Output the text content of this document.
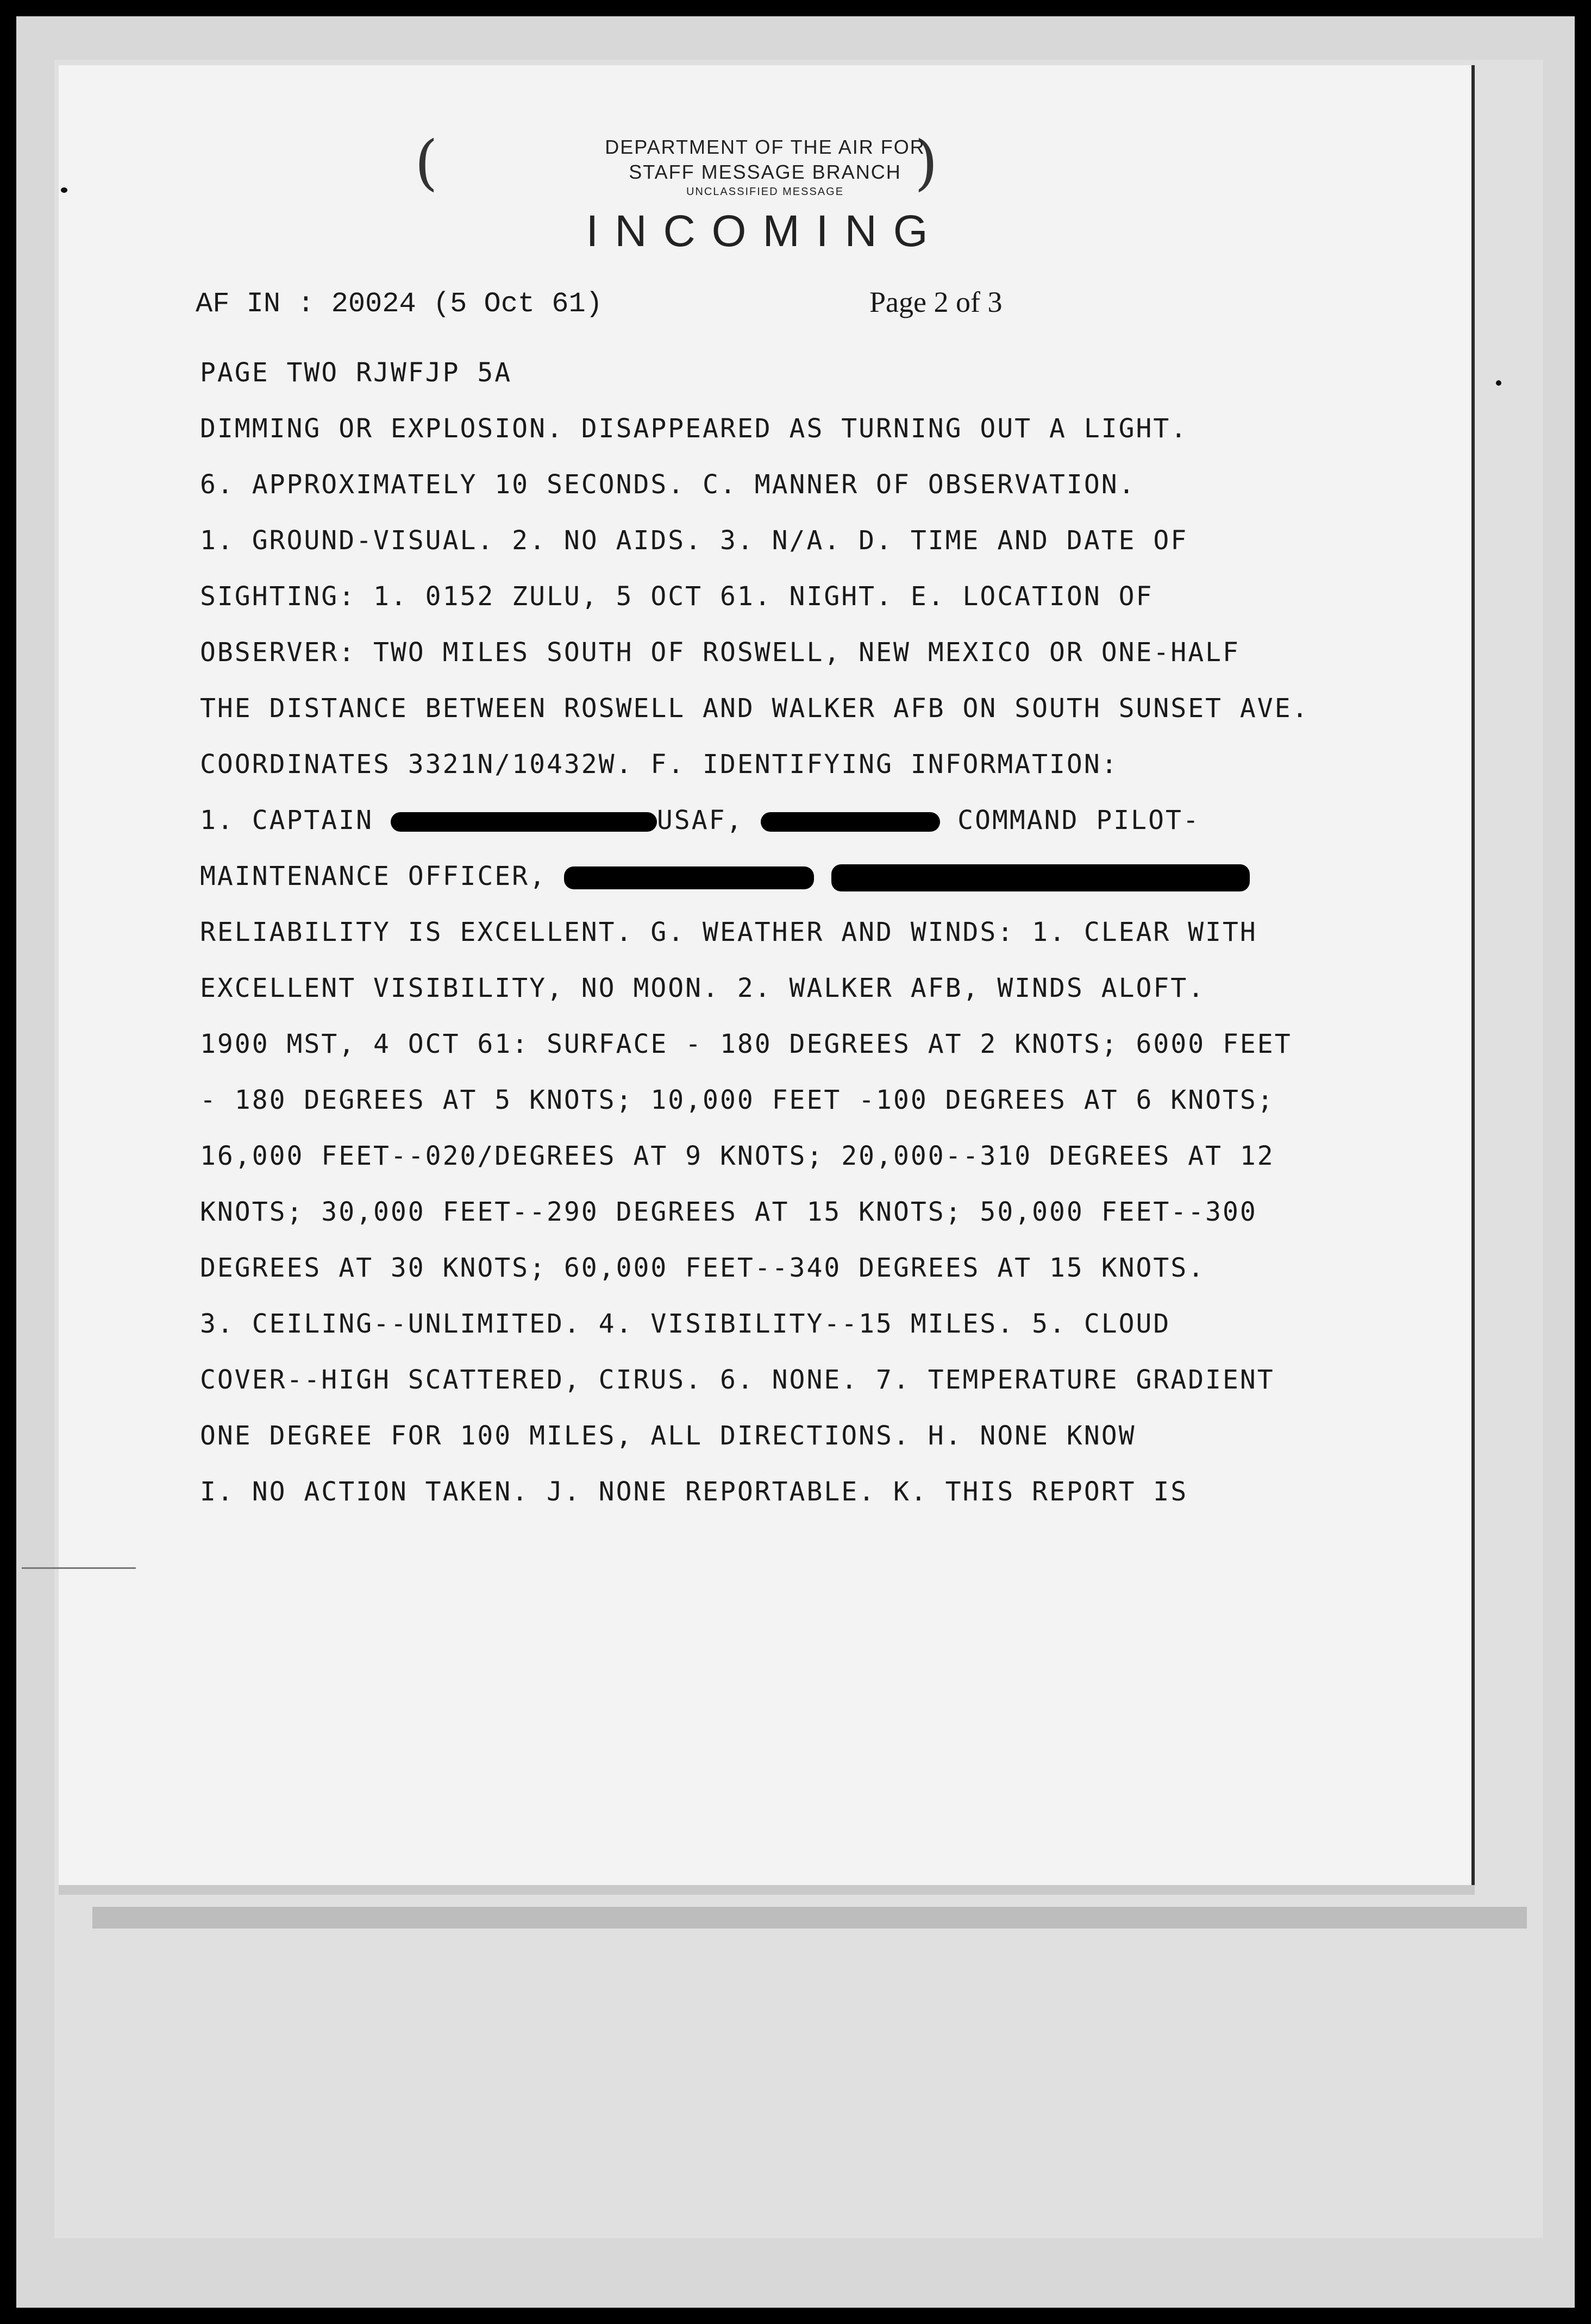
(	)
DEPARTMENT OF THE AIR FOR
STAFF MESSAGE BRANCH
UNCLASSIFIED MESSAGE
INCOMING
AF IN : 20024 (5 Oct 61)	Page 2 of 3
PAGE TWO RJWFJP 5A
DIMMING OR EXPLOSION. DISAPPEARED AS TURNING OUT A LIGHT.
6. APPROXIMATELY 10 SECONDS. C. MANNER OF OBSERVATION.
1. GROUND-VISUAL. 2. NO AIDS. 3. N/A. D. TIME AND DATE OF
SIGHTING: 1. 0152 ZULU, 5 OCT 61. NIGHT. E. LOCATION OF
OBSERVER: TWO MILES SOUTH OF ROSWELL, NEW MEXICO OR ONE-HALF
THE DISTANCE BETWEEN ROSWELL AND WALKER AFB ON SOUTH SUNSET AVE.
COORDINATES 3321N/10432W. F. IDENTIFYING INFORMATION:
1. CAPTAIN	USAF,	COMMAND PILOT-
MAINTENANCE OFFICER,
RELIABILITY IS EXCELLENT. G. WEATHER AND WINDS: 1. CLEAR WITH
EXCELLENT VISIBILITY, NO MOON. 2. WALKER AFB, WINDS ALOFT.
1900 MST, 4 OCT 61: SURFACE - 180 DEGREES AT 2 KNOTS; 6000 FEET
- 180 DEGREES AT 5 KNOTS; 10,000 FEET -100 DEGREES AT 6 KNOTS;
16,000 FEET--020/DEGREES AT 9 KNOTS; 20,000--310 DEGREES AT 12
KNOTS; 30,000 FEET--290 DEGREES AT 15 KNOTS; 50,000 FEET--300
DEGREES AT 30 KNOTS; 60,000 FEET--340 DEGREES AT 15 KNOTS.
3. CEILING--UNLIMITED. 4. VISIBILITY--15 MILES. 5. CLOUD
COVER--HIGH SCATTERED, CIRUS. 6. NONE. 7. TEMPERATURE GRADIENT
ONE DEGREE FOR 100 MILES, ALL DIRECTIONS. H. NONE KNOW
I. NO ACTION TAKEN. J. NONE REPORTABLE. K. THIS REPORT IS
